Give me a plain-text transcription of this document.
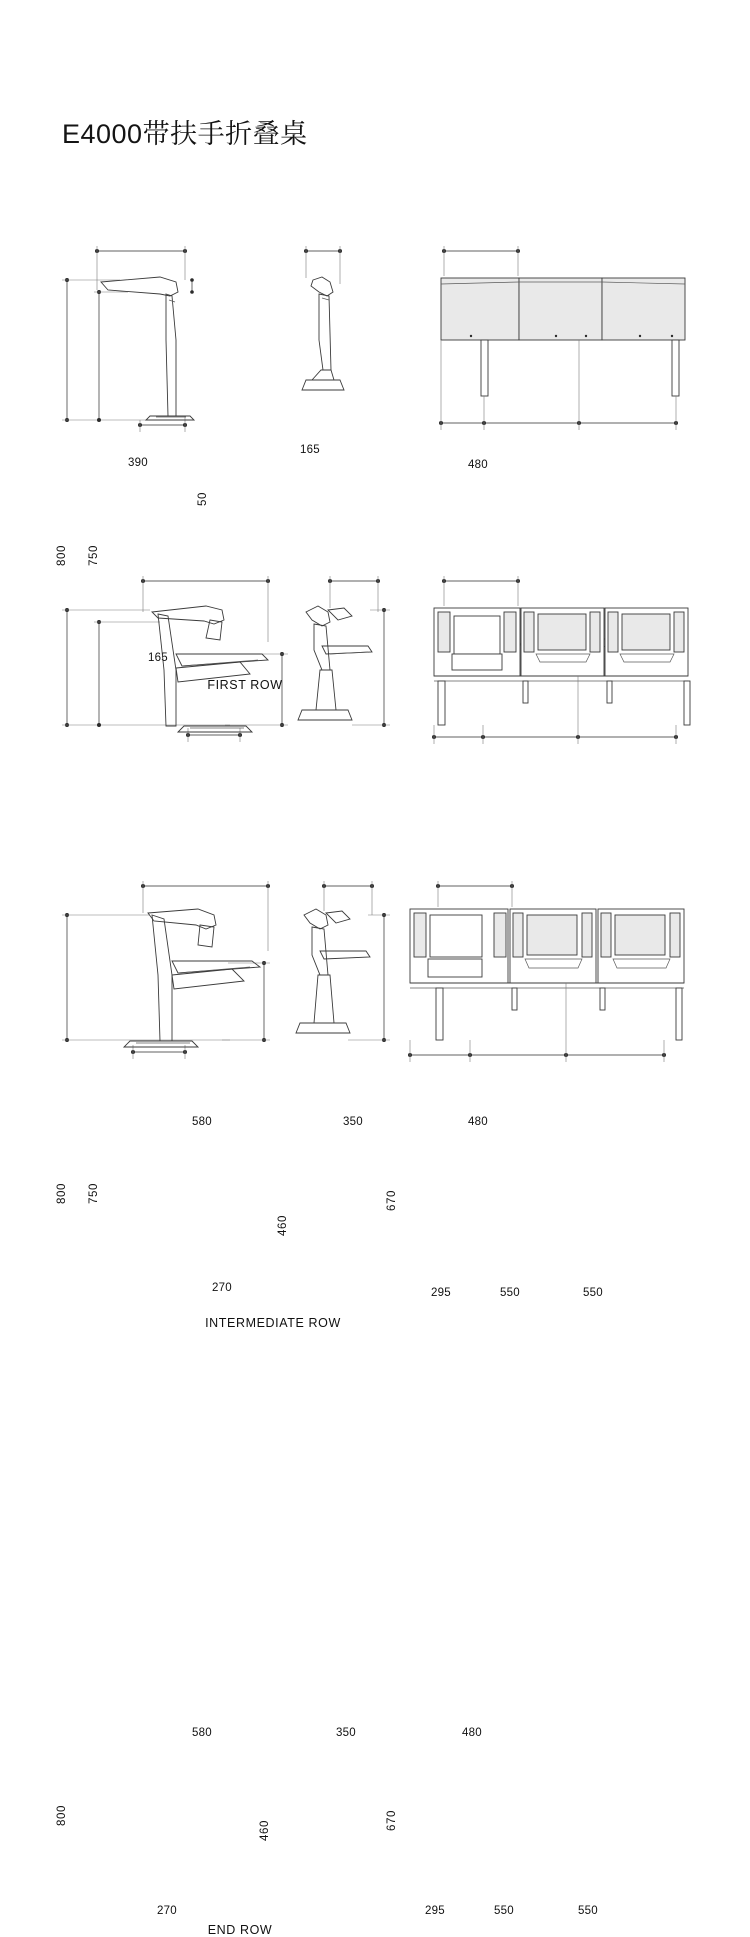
E4000带扶手折叠桌
390
800 750
50
165
165
480
FIRST ROW
580
800 750
460
270
350
670
480
295	550	550
INTERMEDIATE ROW
580
800
460
270
350
670
480
295	550	550
END ROW
